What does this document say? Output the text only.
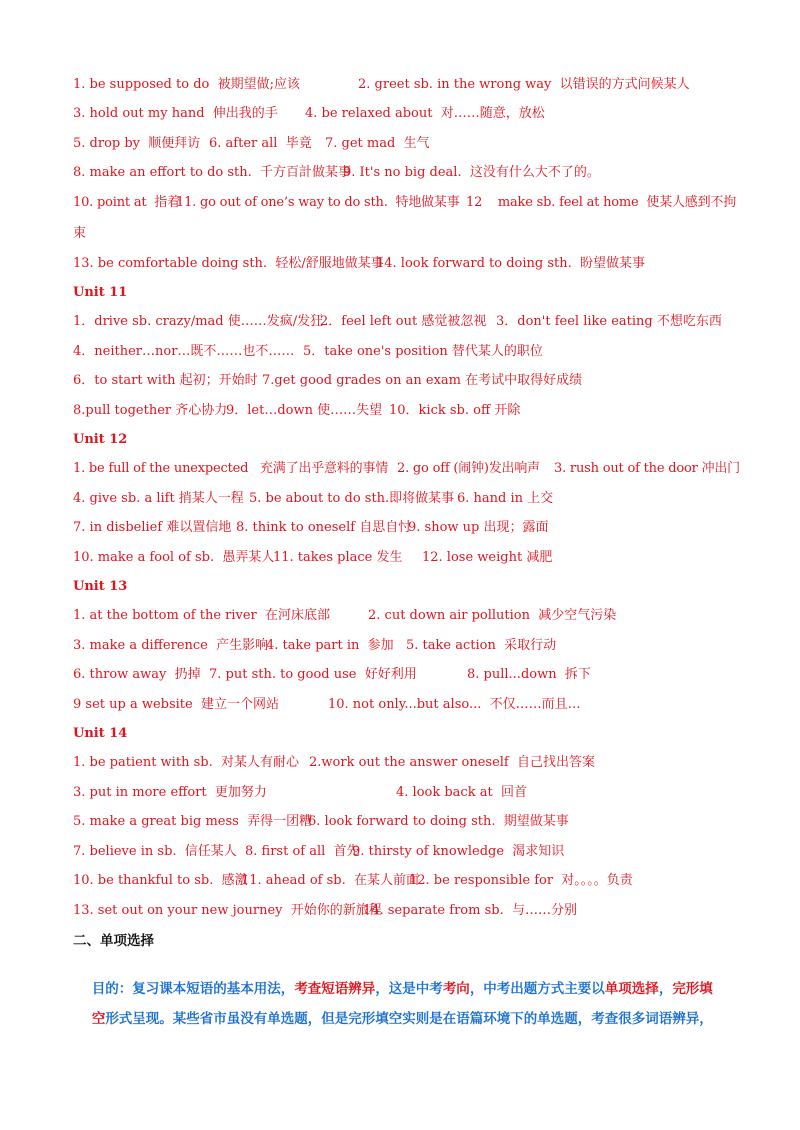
1. be supposed to do  被期望做;应该

	2. greet sb. in the wrong way  以错误的方式问候某人

3. hold out my hand  伸出我的手

4. be relaxed about  对……随意，放松

5. drop by  顺便拜访

6. after all  毕竟

7. get mad  生气

8. make an effort to do sth.  千方百計做某事

9. It's no big deal.  这没有什么大不了的。

10. point at  指着

11. go out of one’s way to do sth.  特地做某事

12    make sb. feel at home  使某人感到不拘

束

13. be comfortable doing sth.  轻松/舒服地做某事

14. look forward to doing sth.  盼望做某事

Unit 11

1．drive sb. crazy/mad 使……发疯/发狂

2．feel left out 感觉被忽视

3．don't feel like eating 不想吃东西

4．neither…nor…既不……也不……

5．take one's position 替代某人的职位

6．to start with 起初；开始时

7.get good grades on an exam 在考试中取得好成绩

8.pull together 齐心协力

9．let…down 使……失望

10．kick sb. off 开除

Unit 12

1. be full of the unexpected   充满了出乎意料的事情

2. go off (闹钟)发出响声

3. rush out of the door 冲出门

4. give sb. a lift 捎某人一程

5. be about to do sth.即将做某事

6. hand in 上交

7. in disbelief 难以置信地

8. think to oneself 自思自忖

9. show up 出现；露面

10. make a fool of sb.  愚弄某人

11. takes place 发生

12. lose weight 减肥

Unit 13

1. at the bottom of the river  在河床底部

	2. cut down air pollution  减少空气污染

3. make a difference  产生影响

4. take part in  参加

5. take action  采取行动

6. throw away  扔掉

7. put sth. to good use  好好利用

	8. pull...down  拆下

9 set up a website  建立一个网站

	10. not only...but also...  不仅……而且…

Unit 14

1. be patient with sb.  对某人有耐心

2.work out the answer oneself  自己找出答案

3. put in more effort  更加努力

	4. look back at  回首

5. make a great big mess  弄得一团糟

6. look forward to doing sth.  期望做某事

7. believe in sb.  信任某人

8. first of all  首先

9. thirsty of knowledge  渴求知识

10. be thankful to sb.  感激

11. ahead of sb.  在某人前面

12. be responsible for  对。。。。负责

13. set out on your new journey  开始你的新旅程

14. separate from sb.  与……分别

二、单项选择

目的：复习课本短语的基本用法，考查短语辨异，这是中考考向，中考出题方式主要以单项选择，完形填

空形式呈现。某些省市虽没有单选题，但是完形填空实则是在语篇环境下的单选题，考查很多词语辨异，
